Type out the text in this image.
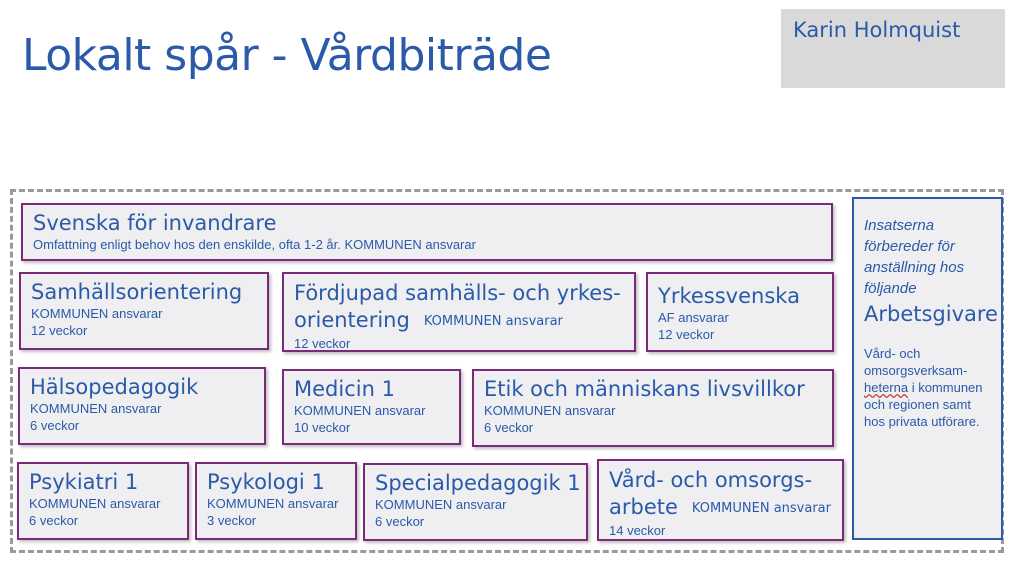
Lokalt spår - Vårdbiträde	Karin Holmquist
Svenska för invandrare
Omfattning enligt behov hos den enskilde, ofta 1-2 år. KOMMUNEN ansvarar
Samhällsorientering
KOMMUNEN ansvarar
12 veckor
Fördjupad samhälls- och yrkes-
orientering KOMMUNEN ansvarar
12 veckor
Yrkessvenska
AF ansvarar
12 veckor
Hälsopedagogik
KOMMUNEN ansvarar
6 veckor
Medicin 1
KOMMUNEN ansvarar
10 veckor
Etik och människans livsvillkor
KOMMUNEN ansvarar
6 veckor
Psykiatri 1
KOMMUNEN ansvarar
6 veckor
Psykologi 1
KOMMUNEN ansvarar
3 veckor
Specialpedagogik 1
KOMMUNEN ansvarar
6 veckor
Vård- och omsorgs-
arbete KOMMUNEN ansvarar
14 veckor
Insatserna förbereder för anställning hos följande
Arbetsgivare
Vård- och omsorgsverksam-
heterna i kommunen och regionen samt hos privata utförare.
